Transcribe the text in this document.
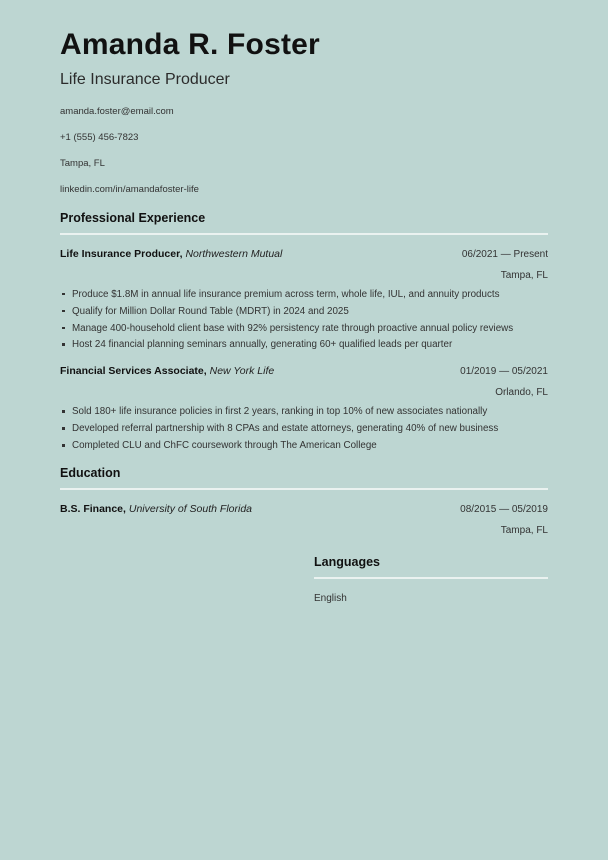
Amanda R. Foster
Life Insurance Producer
amanda.foster@email.com
+1 (555) 456-7823
Tampa, FL
linkedin.com/in/amandafoster-life
Professional Experience
Life Insurance Producer, Northwestern Mutual	06/2021 — Present
Tampa, FL
Produce $1.8M in annual life insurance premium across term, whole life, IUL, and annuity products
Qualify for Million Dollar Round Table (MDRT) in 2024 and 2025
Manage 400-household client base with 92% persistency rate through proactive annual policy reviews
Host 24 financial planning seminars annually, generating 60+ qualified leads per quarter
Financial Services Associate, New York Life	01/2019 — 05/2021
Orlando, FL
Sold 180+ life insurance policies in first 2 years, ranking in top 10% of new associates nationally
Developed referral partnership with 8 CPAs and estate attorneys, generating 40% of new business
Completed CLU and ChFC coursework through The American College
Education
B.S. Finance, University of South Florida	08/2015 — 05/2019
Tampa, FL
Languages
English
